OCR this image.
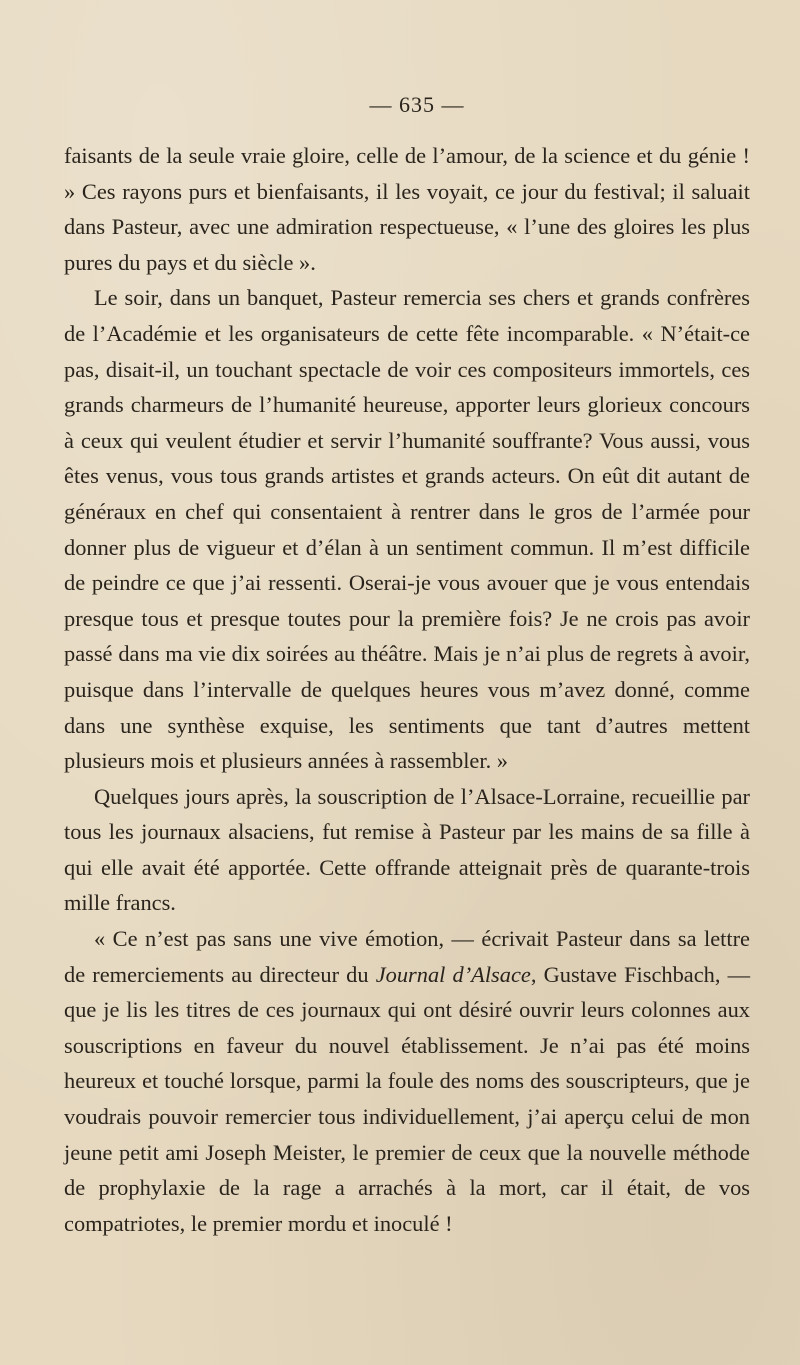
— 635 —

faisants de la seule vraie gloire, celle de l’amour, de la science et du génie ! » Ces rayons purs et bienfaisants, il les voyait, ce jour du festival; il saluait dans Pasteur, avec une admiration respectueuse, « l’une des gloires les plus pures du pays et du siècle ».

Le soir, dans un banquet, Pasteur remercia ses chers et grands confrères de l’Académie et les organisateurs de cette fête incomparable. « N’était-ce pas, disait-il, un touchant spectacle de voir ces compositeurs immortels, ces grands charmeurs de l’humanité heureuse, apporter leurs glorieux concours à ceux qui veulent étudier et servir l’humanité souffrante? Vous aussi, vous êtes venus, vous tous grands artistes et grands acteurs. On eût dit autant de généraux en chef qui consentaient à rentrer dans le gros de l’armée pour donner plus de vigueur et d’élan à un sentiment commun. Il m’est difficile de peindre ce que j’ai ressenti. Oserai-je vous avouer que je vous entendais presque tous et presque toutes pour la première fois? Je ne crois pas avoir passé dans ma vie dix soirées au théâtre. Mais je n’ai plus de regrets à avoir, puisque dans l’intervalle de quelques heures vous m’avez donné, comme dans une synthèse exquise, les sentiments que tant d’autres mettent plusieurs mois et plusieurs années à rassembler. »

Quelques jours après, la souscription de l’Alsace-Lorraine, recueillie par tous les journaux alsaciens, fut remise à Pasteur par les mains de sa fille à qui elle avait été apportée. Cette offrande atteignait près de quarante-trois mille francs.

« Ce n’est pas sans une vive émotion, — écrivait Pasteur dans sa lettre de remerciements au directeur du Journal d’Alsace, Gustave Fischbach, — que je lis les titres de ces journaux qui ont désiré ouvrir leurs colonnes aux souscriptions en faveur du nouvel établissement. Je n’ai pas été moins heureux et touché lorsque, parmi la foule des noms des souscripteurs, que je voudrais pouvoir remercier tous individuellement, j’ai aperçu celui de mon jeune petit ami Joseph Meister, le premier de ceux que la nouvelle méthode de prophylaxie de la rage a arrachés à la mort, car il était, de vos compatriotes, le premier mordu et inoculé !
